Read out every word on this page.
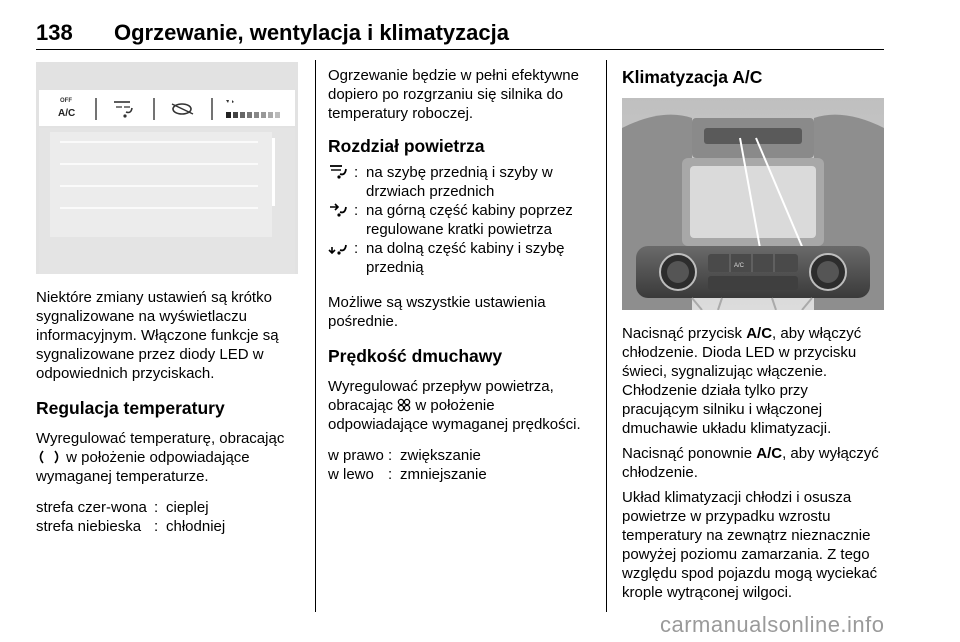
138 Ogrzewanie, wentylacja i klimatyzacja
OFF
A/C

Niektóre zmiany ustawień są krótko sygnalizowane na wyświetlaczu informacyjnym. Włączone funkcje są sygnalizowane przez diody LED w odpowiednich przyciskach.

Regulacja temperatury

Wyregulować temperaturę, obracając  w położenie odpowiadające wymaganej temperaturze.

strefa czer-wona : cieplej
strefa niebieska : chłodniej

Ogrzewanie będzie w pełni efektywne dopiero po rozgrzaniu się silnika do temperatury roboczej.

Rozdział powietrza
: na szybę przednią i szyby w drzwiach przednich
: na górną część kabiny poprzez regulowane kratki powietrza
: na dolną część kabiny i szybę przednią

Możliwe są wszystkie ustawienia pośrednie.

Prędkość dmuchawy

Wyregulować przepływ powietrza, obracając w położenie odpowiadające wymaganej prędkości.

w prawo : zwiększanie
w lewo : zmniejszanie
Klimatyzacja A/C
A/C

Nacisnąć przycisk A/C, aby włączyć chłodzenie. Dioda LED w przycisku świeci, sygnalizując włączenie. Chłodzenie działa tylko przy pracującym silniku i włączonej dmuchawie układu klimatyzacji.

Nacisnąć ponownie A/C, aby wyłączyć chłodzenie.

Układ klimatyzacji chłodzi i osusza powietrze w przypadku wzrostu temperatury na zewnątrz nieznacznie powyżej poziomu zamarzania. Z tego względu spod pojazdu mogą wyciekać krople wytrąconej wilgoci.

carmanualsonline.info
